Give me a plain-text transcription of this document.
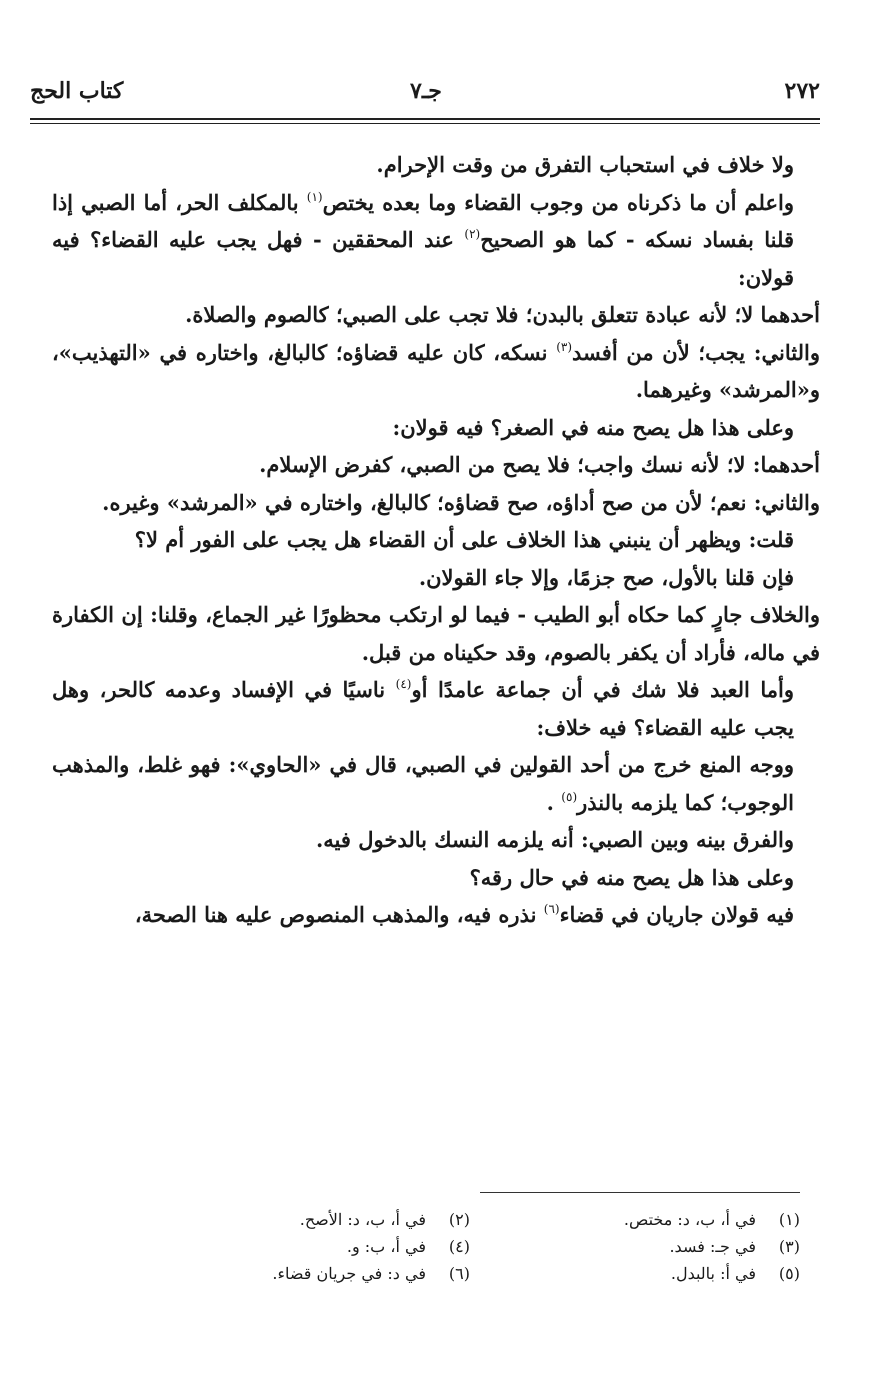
٢٧٢
جـ٧
كتاب الحج

ولا خلاف في استحباب التفرق من وقت الإحرام.

واعلم أن ما ذكرناه من وجوب القضاء وما بعده يختص$^{(١)}$ بالمكلف الحر، أما الصبي إذا قلنا بفساد نسكه - كما هو الصحيح$^{(٢)}$ عند المحققين - فهل يجب عليه القضاء؟ فيه قولان:

أحدهما لا؛ لأنه عبادة تتعلق بالبدن؛ فلا تجب على الصبي؛ كالصوم والصلاة.

والثاني: يجب؛ لأن من أفسد$^{(٣)}$ نسكه، كان عليه قضاؤه؛ كالبالغ، واختاره في «التهذيب»، و«المرشد» وغيرهما.

وعلى هذا هل يصح منه في الصغر؟ فيه قولان:

أحدهما: لا؛ لأنه نسك واجب؛ فلا يصح من الصبي، كفرض الإسلام.

والثاني: نعم؛ لأن من صح أداؤه، صح قضاؤه؛ كالبالغ، واختاره في «المرشد» وغيره.

قلت: ويظهر أن ينبني هذا الخلاف على أن القضاء هل يجب على الفور أم لا؟

فإن قلنا بالأول، صح جزمًا، وإلا جاء القولان.

والخلاف جارٍ كما حكاه أبو الطيب - فيما لو ارتكب محظورًا غير الجماع، وقلنا: إن الكفارة في ماله، فأراد أن يكفر بالصوم، وقد حكيناه من قبل.

وأما العبد فلا شك في أن جماعة عامدًا أو$^{(٤)}$ ناسيًا في الإفساد وعدمه كالحر، وهل يجب عليه القضاء؟ فيه خلاف:

ووجه المنع خرج من أحد القولين في الصبي، قال في «الحاوي»: فهو غلط، والمذهب الوجوب؛ كما يلزمه بالنذر$^{(٥)}$ .

والفرق بينه وبين الصبي: أنه يلزمه النسك بالدخول فيه.

وعلى هذا هل يصح منه في حال رقه؟

فيه قولان جاريان في قضاء$^{(٦)}$ نذره فيه، والمذهب المنصوص عليه هنا الصحة،

(١)
في أ، ب، د: مختص.
(٢)
في أ، ب، د: الأصح.
(٣)
في جـ: فسد.
(٤)
في أ، ب: و.
(٥)
في أ: بالبدل.
(٦)
في د: في جريان قضاء.
